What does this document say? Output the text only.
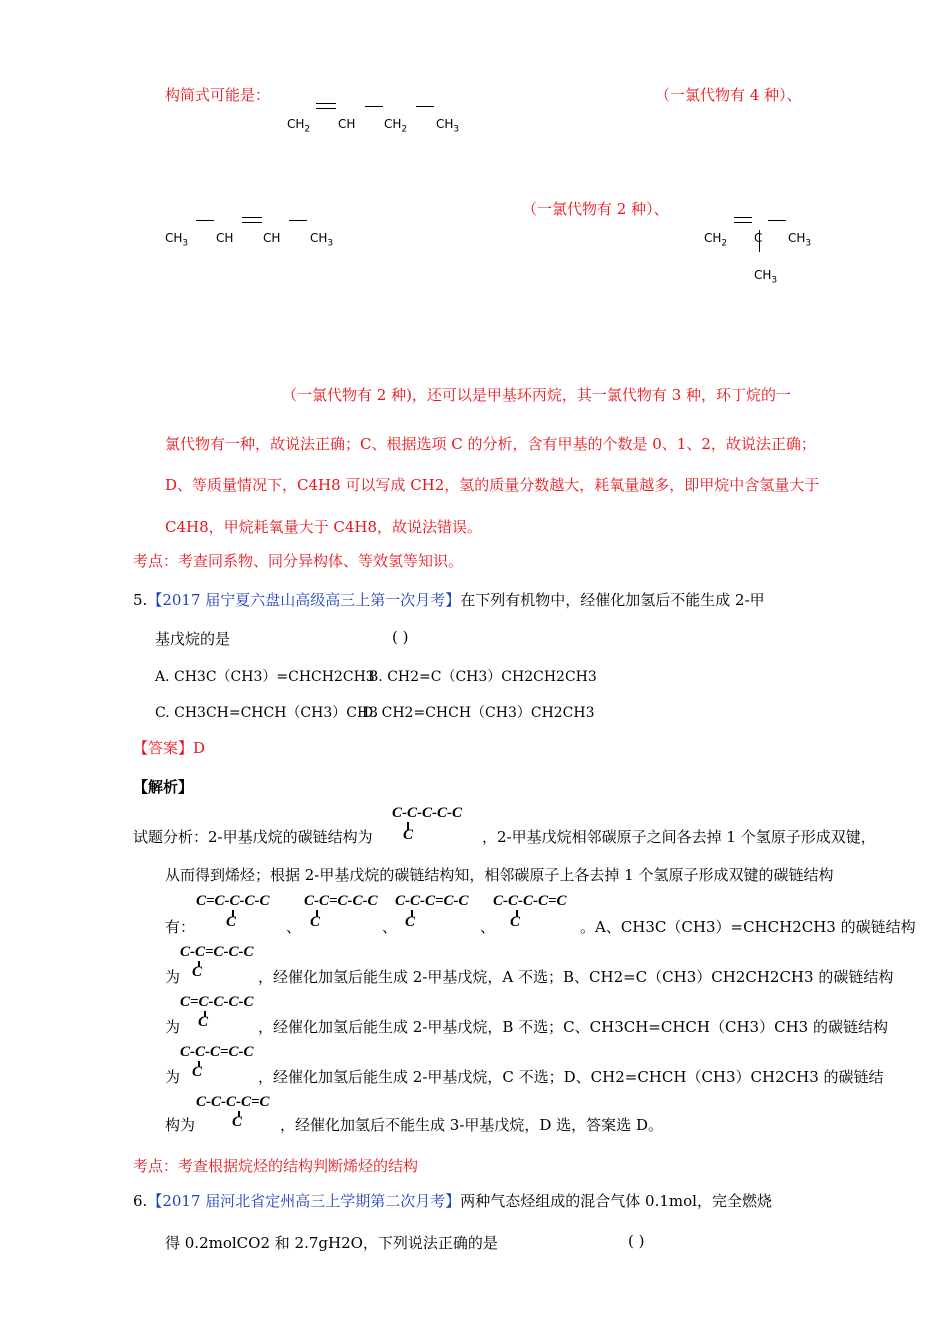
构简式可能是：	（一氯代物有 4 种）、
$CH_2$ CH $CH_2$ $CH_3$
（一氯代物有 2 种）、
$CH_3$ CH CH $CH_3$	$CH_2$ C $CH_3$
$CH_3$
（一氯代物有 2 种)，还可以是甲基环丙烷，其一氯代物有 3 种，环丁烷的一
氯代物有一种，故说法正确；C、根据选项 C 的分析，含有甲基的个数是 0、1、2，故说法正确；
D、等质量情况下，C4H8 可以写成 CH2，氢的质量分数越大，耗氧量越多，即甲烷中含氢量大于
C4H8，甲烷耗氧量大于 C4H8，故说法错误。
考点：考查同系物、同分异构体、等效氢等知识。
5.【2017 届宁夏六盘山高级高三上第一次月考】在下列有机物中，经催化加氢后不能生成 2-甲
基戊烷的是	( )
A. CH3C（CH3）=CHCH2CH3
B. CH2=C（CH3）CH2CH2CH3
C. CH3CH=CHCH（CH3）CH3
D. CH2=CHCH（CH3）CH2CH3
【答案】D
【解析】
试题分析：2-甲基戊烷的碳链结构为
C-C-C-C-C
C	，2-甲基戊烷相邻碳原子之间各去掉 1 个氢原子形成双键，
从而得到烯烃；根据 2-甲基戊烷的碳链结构知，相邻碳原子上各去掉 1 个氢原子形成双键的碳链结构
有：
C=C-C-C-C
C	、
C-C=C-C-C
C	、
C-C-C=C-C
C	、
C-C-C-C=C
C	。A、CH3C（CH3）=CHCH2CH3 的碳链结构
C-C=C-C-C
C
为	，经催化加氢后能生成 2-甲基戊烷，A 不选；B、CH2=C（CH3）CH2CH2CH3 的碳链结构
C=C-C-C-C
C
为	，经催化加氢后能生成 2-甲基戊烷，B 不选；C、CH3CH=CHCH（CH3）CH3 的碳链结构
C-C-C=C-C
C
为	，经催化加氢后能生成 2-甲基戊烷，C 不选；D、CH2=CHCH（CH3）CH2CH3 的碳链结
C-C-C-C=C
C
构为	，经催化加氢后不能生成 3-甲基戊烷，D 选，答案选 D。
考点：考查根据烷烃的结构判断烯烃的结构
6.【2017 届河北省定州高三上学期第二次月考】两种气态烃组成的混合气体 0.1mol，完全燃烧
得 0.2molCO2 和 2.7gH2O，下列说法正确的是	( )
